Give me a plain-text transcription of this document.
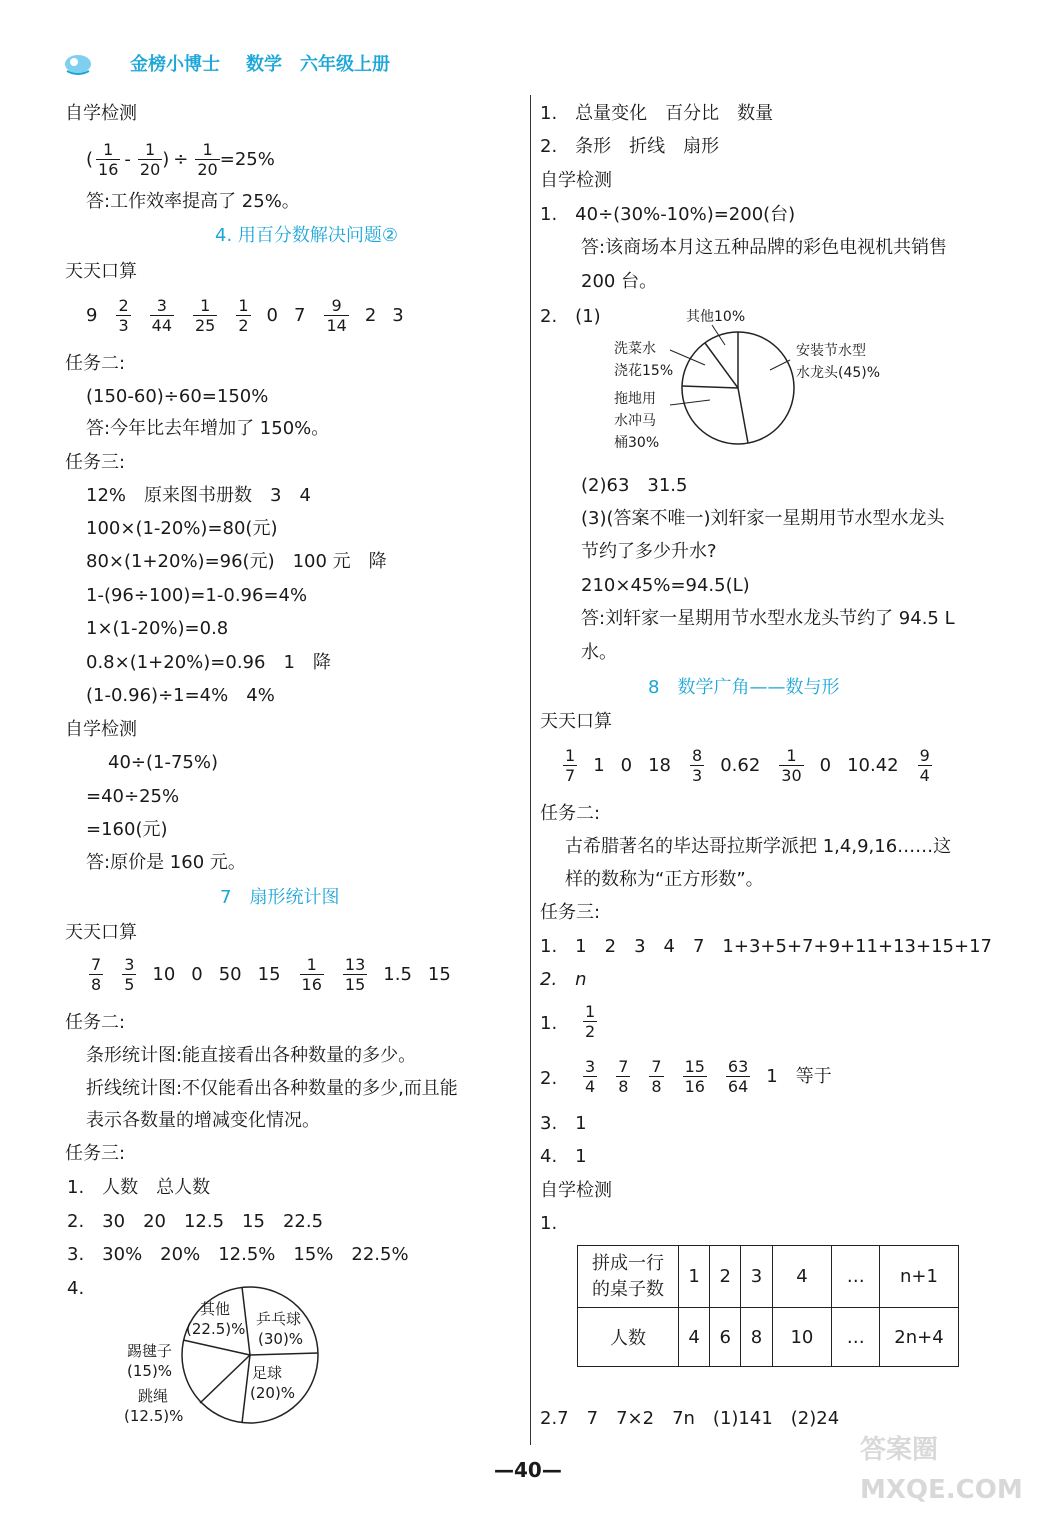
金榜小博士 数学 六年级上册
自学检测
( $\frac{1}{16} - \frac{1}{20}$ ) ÷ $\frac{1}{20} =25\%$
答:工作效率提高了 25%。
4. 用百分数解决问题②
天天口算
$9 \frac{2}{3} \frac{3}{44} \frac{1}{25} \frac{1}{2} 0$ $7 \frac{9}{14} 2$ 3
任务二:
(150-60)÷60=150%
答:今年比去年增加了 150%。
任务三:
12%　原来图书册数　3　4
100×(1-20%)=80(元)
80×(1+20%)=96(元)　100 元　降
1-(96÷100)=1-0.96=4%
1×(1-20%)=0.8
0.8×(1+20%)=0.96　1　降
(1-0.96)÷1=4%　4%
自学检测
40÷(1-75%)
=40÷25%
=160(元)
答:原价是 160 元。
7　扇形统计图
天天口算
$\frac{7}{8} \frac{3}{5} 10$ 0 50 $15 \frac{1}{16} \frac{13}{15} 1.5$ 15
任务二:
条形统计图:能直接看出各种数量的多少。
折线统计图:不仅能看出各种数量的多少,而且能
表示各数量的增减变化情况。
任务三:
1.　人数　总人数
2.　30　20　12.5　15　22.5
3.　30%　20%　12.5%　15%　22.5%
4.
其他
(22.5)%
乒乓球
(30)%
踢毽子
(15)%	足球
(20)%
跳绳
(12.5)%
1.　总量变化　百分比　数量
2.　条形　折线　扇形
自学检测
1.　40÷(30%-10%)=200(台)
答:该商场本月这五种品牌的彩色电视机共销售
200 台。
2.　(1)	其他10%
洗菜水
浇花15%
安装节水型
水龙头(45)%
拖地用
水冲马
桶30%
(2)63　31.5
(3)(答案不唯一)刘轩家一星期用节水型水龙头
节约了多少升水?
210×45%=94.5(L)
答:刘轩家一星期用节水型水龙头节约了 94.5 L
水。
8　数学广角——数与形
天天口算
$\frac{1}{7} 1$ 0 $18 \frac{8}{3} 0.62 \frac{1}{30} 0$ $10.42 \frac{9}{4}$
任务二:
古希腊著名的毕达哥拉斯学派把 1,4,9,16……这
样的数称为“正方形数”。
任务三:
1.　1　2　3　4　7　1+3+5+7+9+11+13+15+17
2.　n
1. $\frac{1}{2}$
2. $\frac{3}{4} \frac{7}{8} \frac{7}{8} \frac{15}{16} \frac{63}{64} 1$　等于
3.　1
4.　1
自学检测
1.
拼成一行
的桌子数	1	2	3	4	…	n+1
人数	4	6	8	10	…	2n+4
2.7　7　7×2　7n　(1)141　(2)24
—40—
答案圈 MXQE.COM
